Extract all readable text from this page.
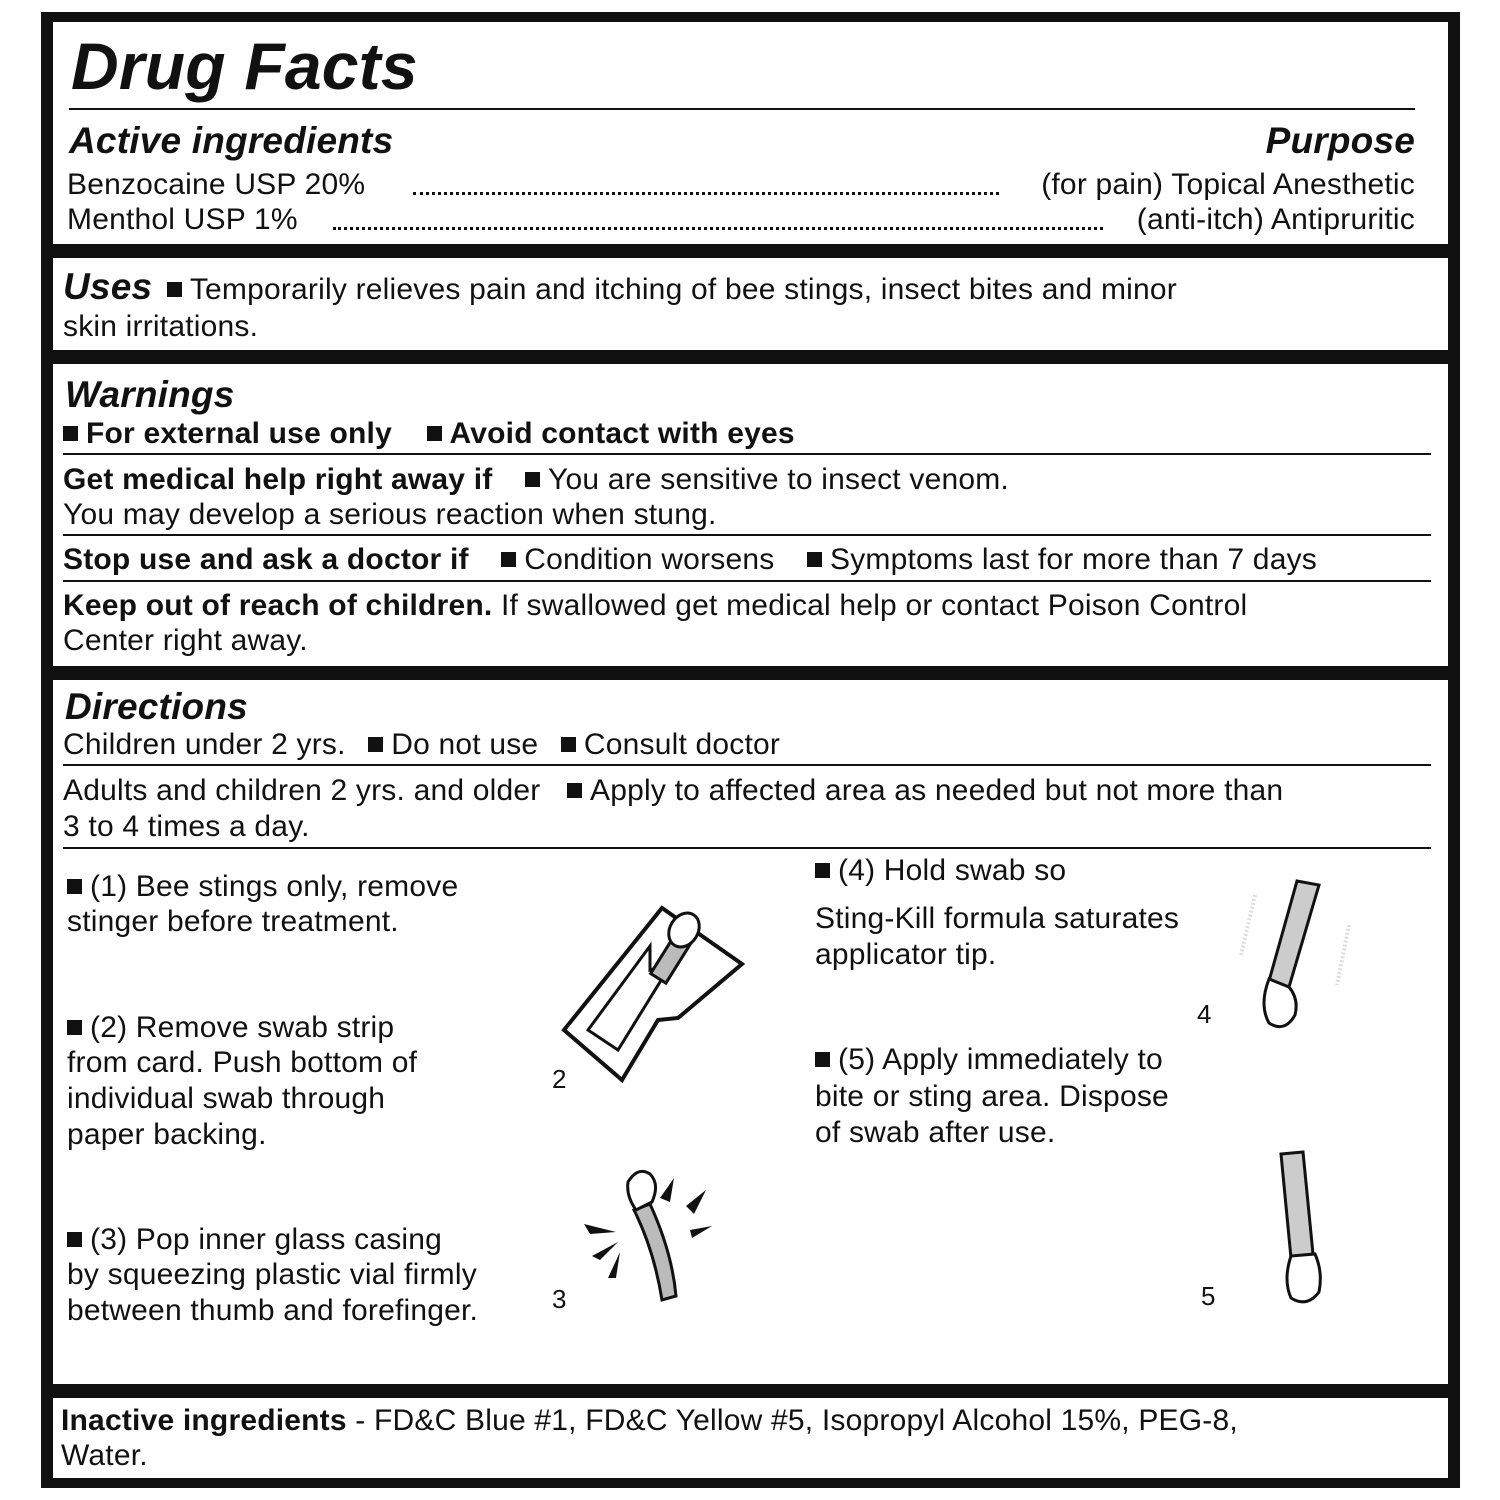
Drug Facts
Active ingredients	Purpose
Benzocaine USP 20%	(for pain) Topical Anesthetic
Menthol USP 1%	(anti-itch) Antipruritic
Uses Temporarily relieves pain and itching of bee stings, insect bites and minor
skin irritations.
Warnings
For external use only Avoid contact with eyes
Get medical help right away if You are sensitive to insect venom.
You may develop a serious reaction when stung.
Stop use and ask a doctor if Condition worsens Symptoms last for more than 7 days
Keep out of reach of children. If swallowed get medical help or contact Poison Control
Center right away.
Directions
Children under 2 yrs. Do not use Consult doctor
Adults and children 2 yrs. and older Apply to affected area as needed but not more than
3 to 4 times a day.
(1) Bee stings only, remove
stinger before treatment.
(2) Remove swab strip
from card. Push bottom of
individual swab through
paper backing.
(3) Pop inner glass casing
by squeezing plastic vial firmly
between thumb and forefinger.
(4) Hold swab so
Sting-Kill formula saturates
applicator tip.
(5) Apply immediately to
bite or sting area. Dispose
of swab after use.
2
3
4
5
Inactive ingredients - FD&C Blue #1, FD&C Yellow #5, Isopropyl Alcohol 15%, PEG-8,
Water.
